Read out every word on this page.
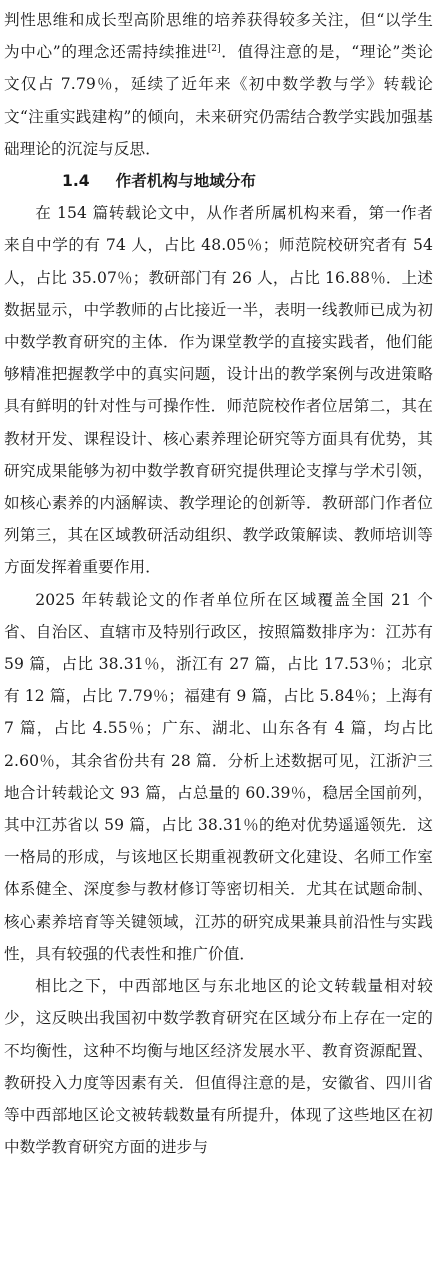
判性思维和成长型高阶思维的培养获得较多关注，但“以学生为中心”的理念还需持续推进[2]．值得注意的是，“理论”类论文仅占 7.79％，延续了近年来《初中数学教与学》转载论文“注重实践建构”的倾向，未来研究仍需结合教学实践加强基础理论的沉淀与反思．

1.4 作者机构与地域分布

在 154 篇转载论文中，从作者所属机构来看，第一作者来自中学的有 74 人，占比 48.05％；师范院校研究者有 54 人，占比 35.07％；教研部门有 26 人，占比 16.88％．上述数据显示，中学教师的占比接近一半，表明一线教师已成为初中数学教育研究的主体．作为课堂教学的直接实践者，他们能够精准把握教学中的真实问题，设计出的教学案例与改进策略具有鲜明的针对性与可操作性．师范院校作者位居第二，其在教材开发、课程设计、核心素养理论研究等方面具有优势，其研究成果能够为初中数学教育研究提供理论支撑与学术引领，如核心素养的内涵解读、教学理论的创新等．教研部门作者位列第三，其在区域教研活动组织、教学政策解读、教师培训等方面发挥着重要作用．

2025 年转载论文的作者单位所在区域覆盖全国 21 个省、自治区、直辖市及特别行政区，按照篇数排序为：江苏有 59 篇，占比 38.31％，浙江有 27 篇，占比 17.53％；北京有 12 篇，占比 7.79％；福建有 9 篇，占比 5.84％；上海有 7 篇，占比 4.55％；广东、湖北、山东各有 4 篇，均占比 2.60％，其余省份共有 28 篇．分析上述数据可见，江浙沪三地合计转载论文 93 篇，占总量的 60.39％，稳居全国前列，其中江苏省以 59 篇，占比 38.31％的绝对优势遥遥领先．这一格局的形成，与该地区长期重视教研文化建设、名师工作室体系健全、深度参与教材修订等密切相关．尤其在试题命制、核心素养培育等关键领域，江苏的研究成果兼具前沿性与实践性，具有较强的代表性和推广价值．

相比之下，中西部地区与东北地区的论文转载量相对较少，这反映出我国初中数学教育研究在区域分布上存在一定的不均衡性，这种不均衡与地区经济发展水平、教育资源配置、教研投入力度等因素有关．但值得注意的是，安徽省、四川省等中西部地区论文被转载数量有所提升，体现了这些地区在初中数学教育研究方面的进步与
